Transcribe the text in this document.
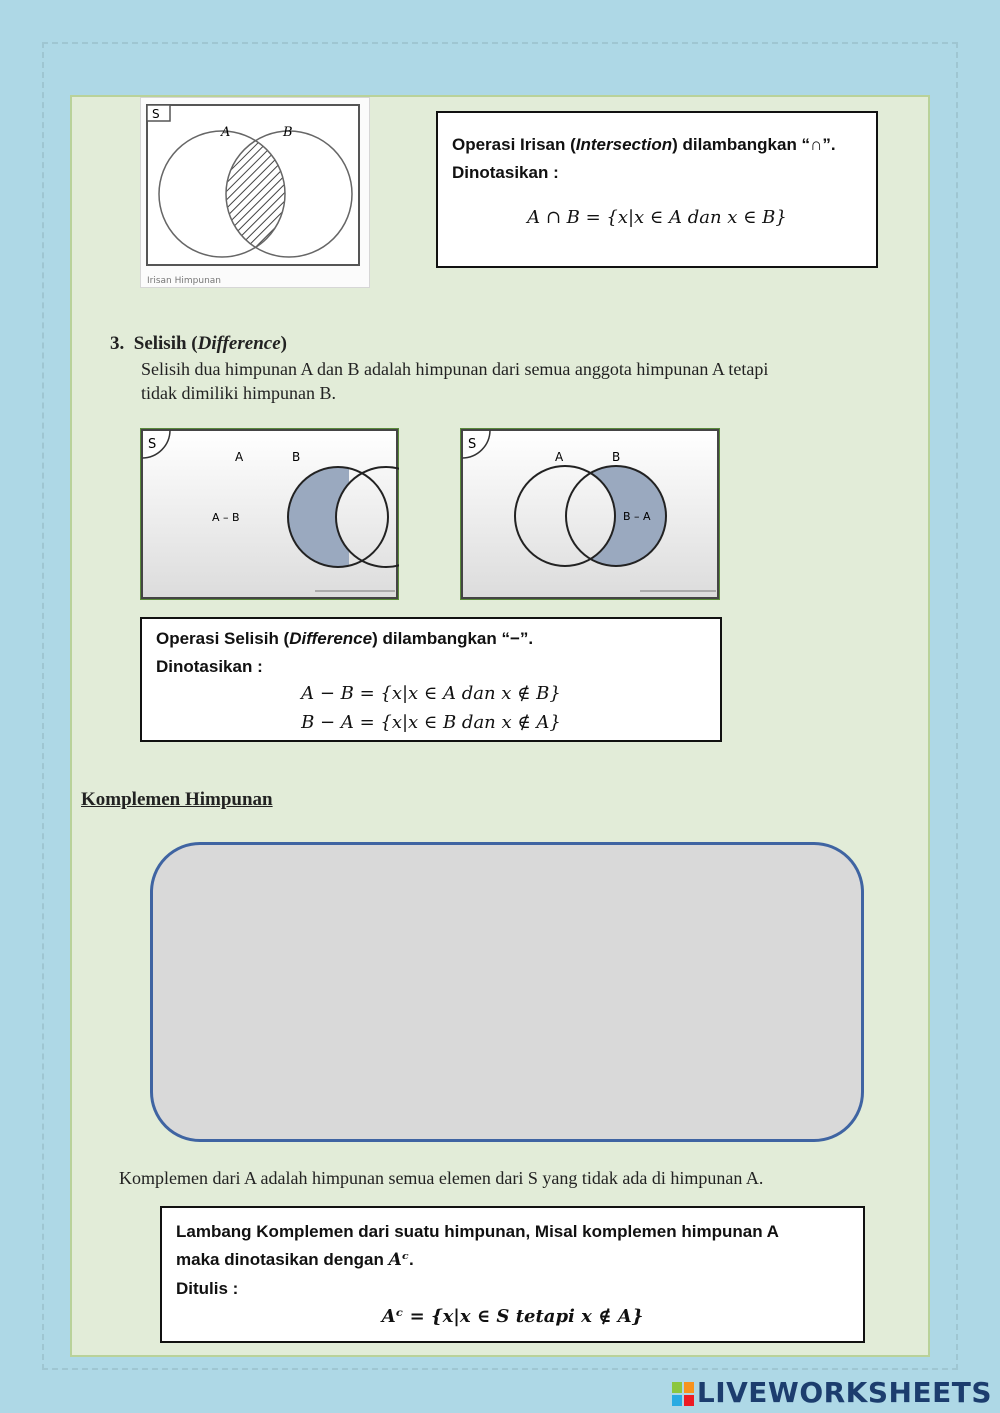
S
A	B
Irisan Himpunan
Operasi Irisan (Intersection) dilambangkan “∩”.
Dinotasikan :
A ∩ B = {x|x ∈ A dan x ∈ B}
3. Selisih (Difference)
Selisih dua himpunan A dan B adalah himpunan dari semua anggota himpunan A tetapi
tidak dimiliki himpunan B.
S
A	B
A – B
S
A	B
B – A
Operasi Selisih (Difference) dilambangkan “−”.
Dinotasikan :
A − B = {x|x ∈ A dan x ∉ B}
B − A = {x|x ∈ B dan x ∉ A}
Komplemen Himpunan
Komplemen dari A adalah himpunan semua elemen dari S yang tidak ada di himpunan A.
Lambang Komplemen dari suatu himpunan, Misal komplemen himpunan A
maka dinotasikan dengan Aᶜ.
Ditulis :
Aᶜ = {x|x ∈ S tetapi x ∉ A}
LIVEWORKSHEETS
